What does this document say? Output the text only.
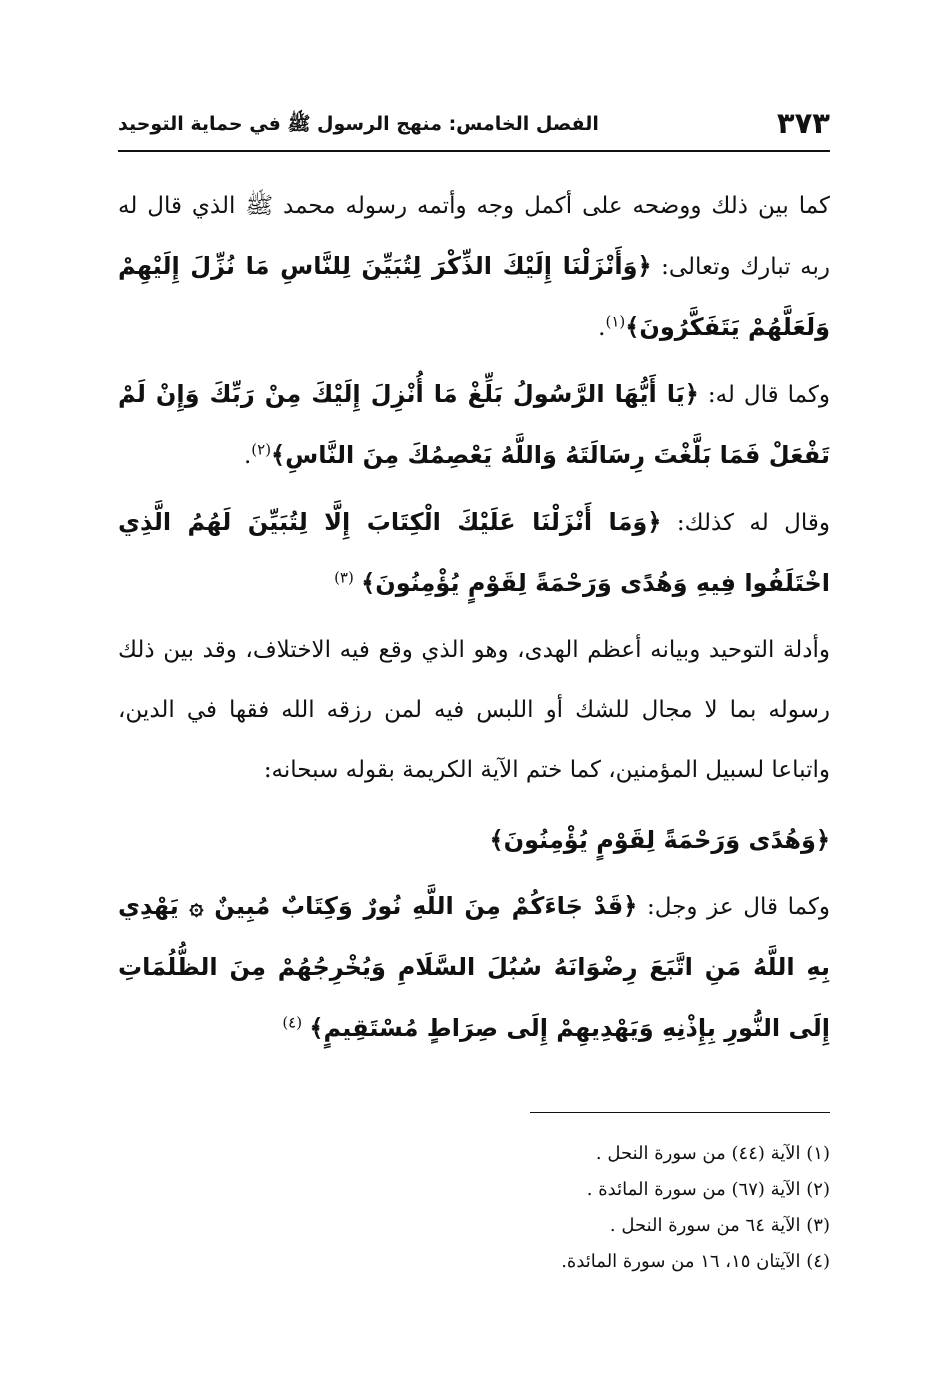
٣٧٣
الفصل الخامس: منهج الرسول ﷺ في حماية التوحيد

كما بين ذلك ووضحه على أكمل وجه وأتمه رسوله محمد ﷺ الذي قال له ربه تبارك وتعالى: ﴿وَأَنْزَلْنَا إِلَيْكَ الذِّكْرَ لِتُبَيِّنَ لِلنَّاسِ مَا نُزِّلَ إِلَيْهِمْ وَلَعَلَّهُمْ يَتَفَكَّرُونَ﴾$^{(١)}$.

وكما قال له: ﴿يَا أَيُّهَا الرَّسُولُ بَلِّغْ مَا أُنْزِلَ إِلَيْكَ مِنْ رَبِّكَ وَإِنْ لَمْ تَفْعَلْ فَمَا بَلَّغْتَ رِسَالَتَهُ وَاللَّهُ يَعْصِمُكَ مِنَ النَّاسِ﴾$^{(٢)}$.

وقال له كذلك: ﴿وَمَا أَنْزَلْنَا عَلَيْكَ الْكِتَابَ إِلَّا لِتُبَيِّنَ لَهُمُ الَّذِي اخْتَلَفُوا فِيهِ وَهُدًى وَرَحْمَةً لِقَوْمٍ يُؤْمِنُونَ﴾ $^{(٣)}$

وأدلة التوحيد وبيانه أعظم الهدى، وهو الذي وقع فيه الاختلاف، وقد بين ذلك رسوله بما لا مجال للشك أو اللبس فيه لمن رزقه الله فقها في الدين، واتباعا لسبيل المؤمنين، كما ختم الآية الكريمة بقوله سبحانه:

﴿وَهُدًى وَرَحْمَةً لِقَوْمٍ يُؤْمِنُونَ﴾

وكما قال عز وجل: ﴿قَدْ جَاءَكُمْ مِنَ اللَّهِ نُورٌ وَكِتَابٌ مُبِينٌ ۞ يَهْدِي بِهِ اللَّهُ مَنِ اتَّبَعَ رِضْوَانَهُ سُبُلَ السَّلَامِ وَيُخْرِجُهُمْ مِنَ الظُّلُمَاتِ إِلَى النُّورِ بِإِذْنِهِ وَيَهْدِيهِمْ إِلَى صِرَاطٍ مُسْتَقِيمٍ﴾ $^{(٤)}$

(١) الآية (٤٤) من سورة النحل .
(٢) الآية (٦٧) من سورة المائدة .
(٣) الآية ٦٤ من سورة النحل .
(٤) الآيتان ١٥، ١٦ من سورة المائدة.
